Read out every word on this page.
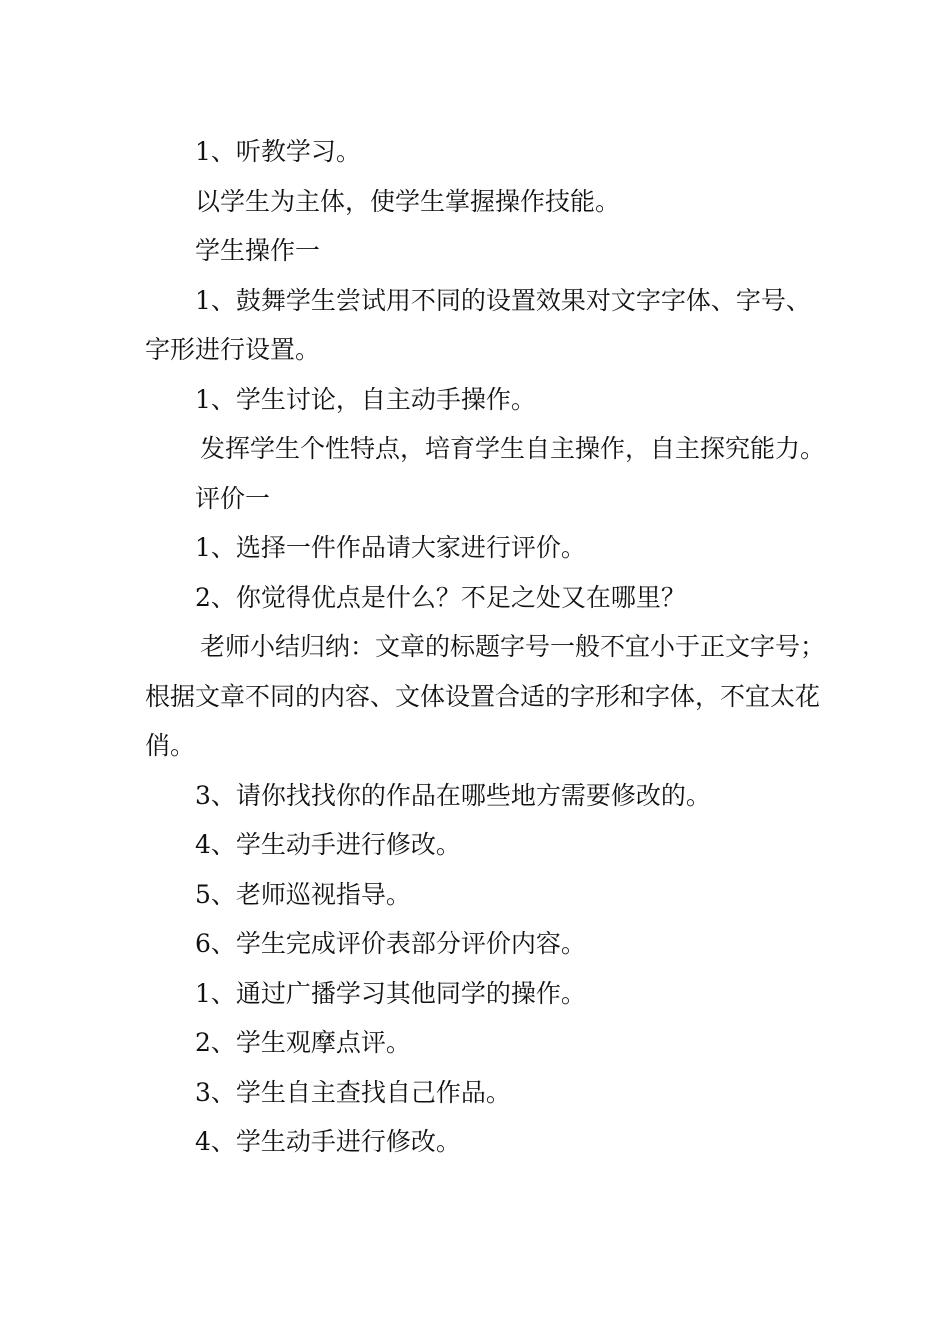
1、听教学习。

以学生为主体，使学生掌握操作技能。

学生操作一

1、鼓舞学生尝试用不同的设置效果对文字字体、字号、字形进行设置。

1、学生讨论，自主动手操作。

发挥学生个性特点，培育学生自主操作，自主探究能力。

评价一

1、选择一件作品请大家进行评价。

2、你觉得优点是什么？不足之处又在哪里？

老师小结归纳：文章的标题字号一般不宜小于正文字号；根据文章不同的内容、文体设置合适的字形和字体，不宜太花俏。

3、请你找找你的作品在哪些地方需要修改的。

4、学生动手进行修改。

5、老师巡视指导。

6、学生完成评价表部分评价内容。

1、通过广播学习其他同学的操作。

2、学生观摩点评。

3、学生自主查找自己作品。

4、学生动手进行修改。
